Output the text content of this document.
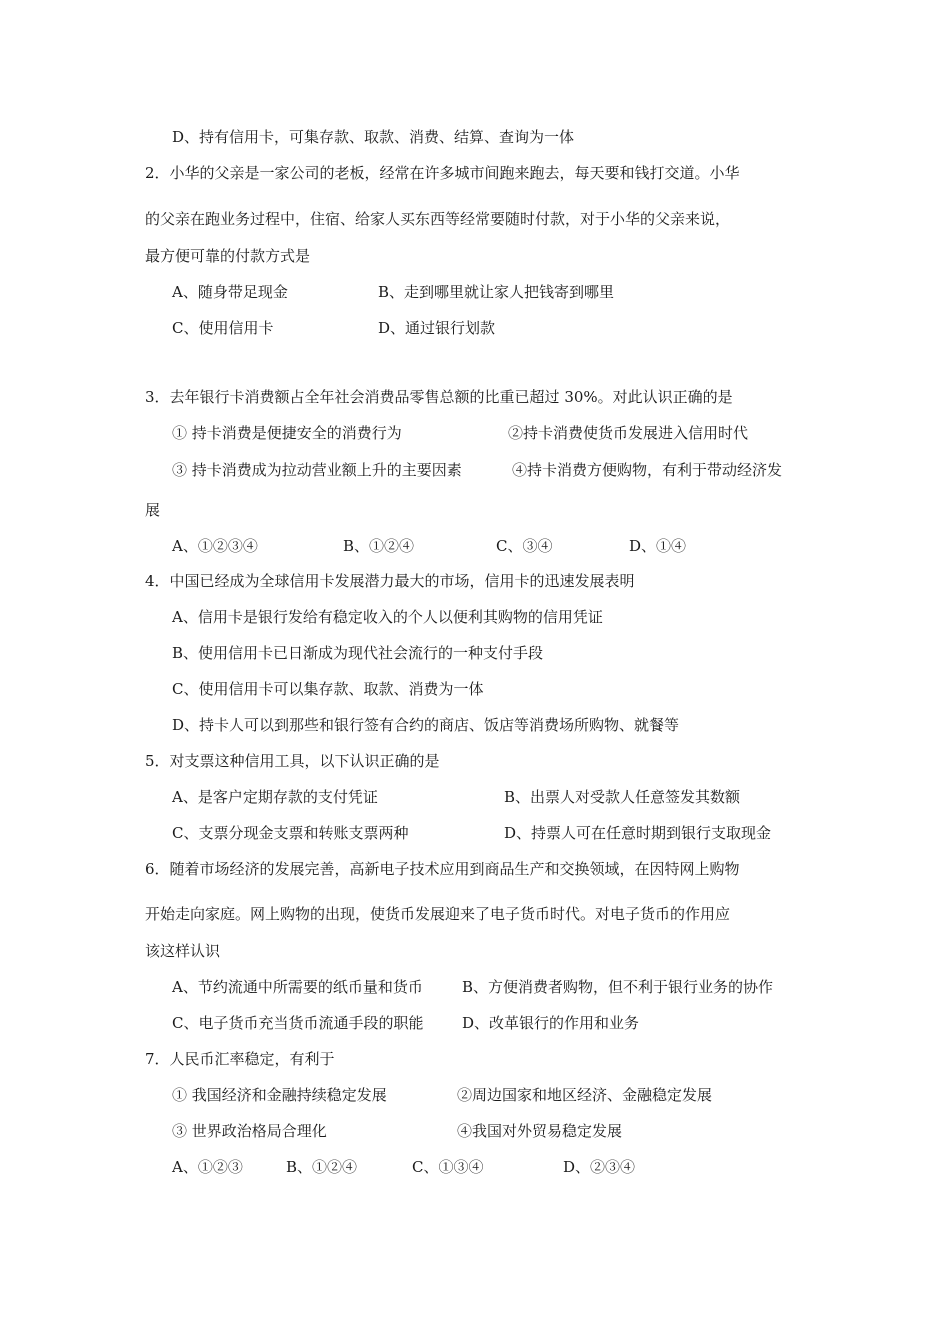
D、持有信用卡，可集存款、取款、消费、结算、查询为一体
2．小华的父亲是一家公司的老板，经常在许多城市间跑来跑去，每天要和钱打交道。小华
的父亲在跑业务过程中，住宿、给家人买东西等经常要随时付款，对于小华的父亲来说，
最方便可靠的付款方式是
A、随身带足现金	B、走到哪里就让家人把钱寄到哪里
C、使用信用卡	D、通过银行划款
3．去年银行卡消费额占全年社会消费品零售总额的比重已超过 30%。对此认识正确的是
① 持卡消费是便捷安全的消费行为	②持卡消费使货币发展进入信用时代
③ 持卡消费成为拉动营业额上升的主要因素	④持卡消费方便购物，有利于带动经济发
展
A、①②③④	B、①②④	C、③④	D、①④
4．中国已经成为全球信用卡发展潜力最大的市场，信用卡的迅速发展表明
A、信用卡是银行发给有稳定收入的个人以便利其购物的信用凭证
B、使用信用卡已日渐成为现代社会流行的一种支付手段
C、使用信用卡可以集存款、取款、消费为一体
D、持卡人可以到那些和银行签有合约的商店、饭店等消费场所购物、就餐等
5．对支票这种信用工具，以下认识正确的是
A、是客户定期存款的支付凭证	B、出票人对受款人任意签发其数额
C、支票分现金支票和转账支票两种	D、持票人可在任意时期到银行支取现金
6．随着市场经济的发展完善，高新电子技术应用到商品生产和交换领域，在因特网上购物
开始走向家庭。网上购物的出现，使货币发展迎来了电子货币时代。对电子货币的作用应
该这样认识
A、节约流通中所需要的纸币量和货币	B、方便消费者购物，但不利于银行业务的协作
C、电子货币充当货币流通手段的职能	D、改革银行的作用和业务
7．人民币汇率稳定，有利于
① 我国经济和金融持续稳定发展	②周边国家和地区经济、金融稳定发展
③ 世界政治格局合理化	④我国对外贸易稳定发展
A、①②③	B、①②④	C、①③④	D、②③④
